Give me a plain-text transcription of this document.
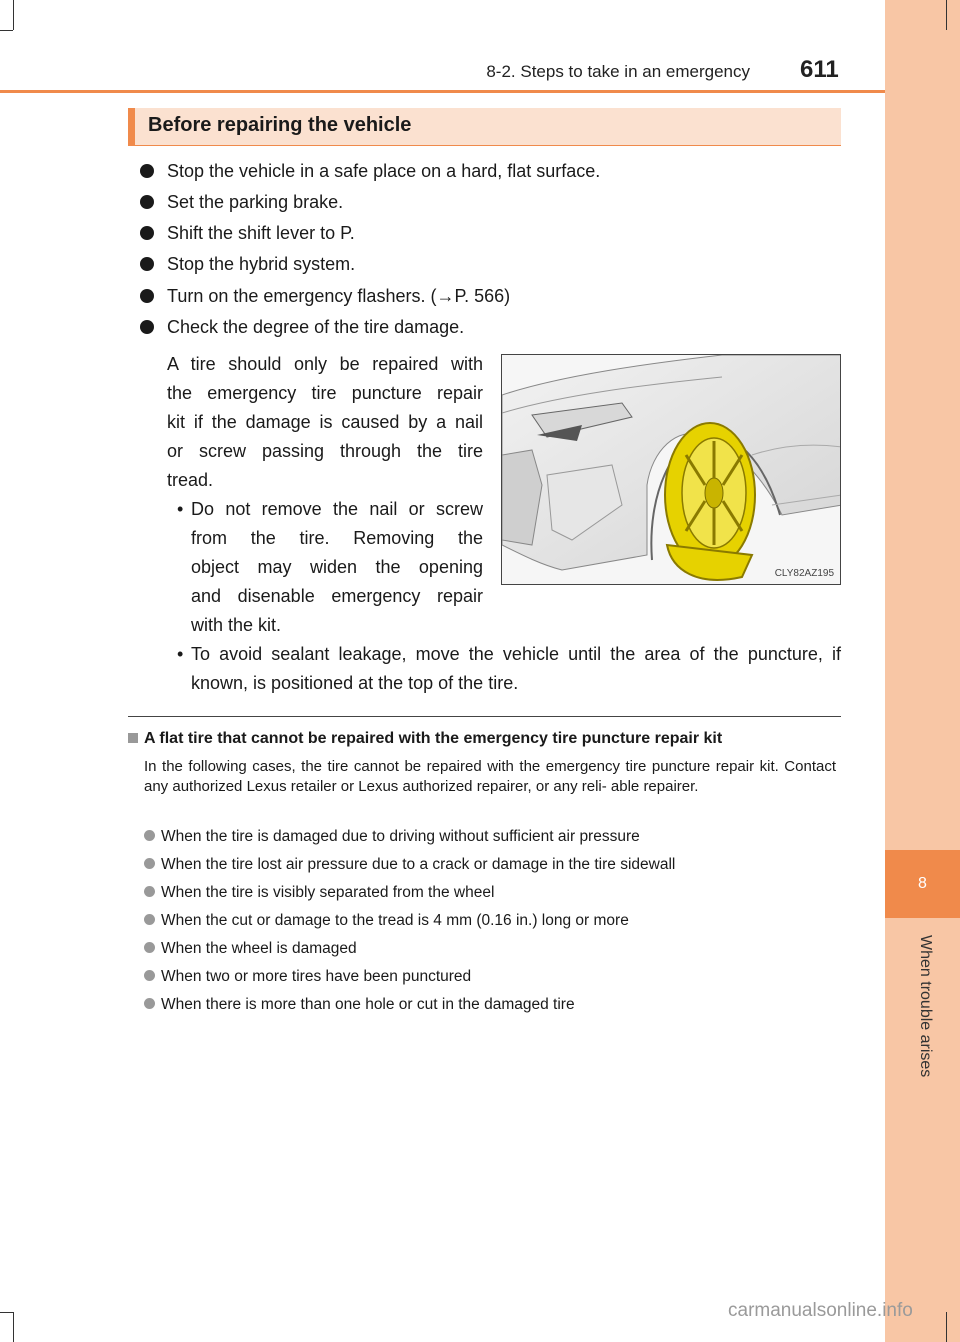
8
When trouble arises
8-2. Steps to take in an emergency 611
Before repairing the vehicle
Stop the vehicle in a safe place on a hard, flat surface.
Set the parking brake.
Shift the shift lever to P.
Stop the hybrid system.
Turn on the emergency flashers. (→P. 566)
Check the degree of the tire damage.
A tire should only be repaired with
the emergency tire puncture repair
kit if the damage is caused by a nail
or screw passing through the tire
tread.
• Do not remove the nail or screw
from the tire. Removing the
object may widen the opening
and disenable emergency repair
with the kit.
• To avoid sealant leakage, move the vehicle until the area of the puncture, if
known, is positioned at the top of the tire.
CLY82AZ195
A flat tire that cannot be repaired with the emergency tire puncture repair kit
In the following cases, the tire cannot be repaired with the emergency tire puncture repair kit. Contact any authorized Lexus retailer or Lexus authorized repairer, or any reli- able repairer.
When the tire is damaged due to driving without sufficient air pressure
When the tire lost air pressure due to a crack or damage in the tire sidewall
When the tire is visibly separated from the wheel
When the cut or damage to the tread is 4 mm (0.16 in.) long or more
When the wheel is damaged
When two or more tires have been punctured
When there is more than one hole or cut in the damaged tire
carmanualsonline.info
